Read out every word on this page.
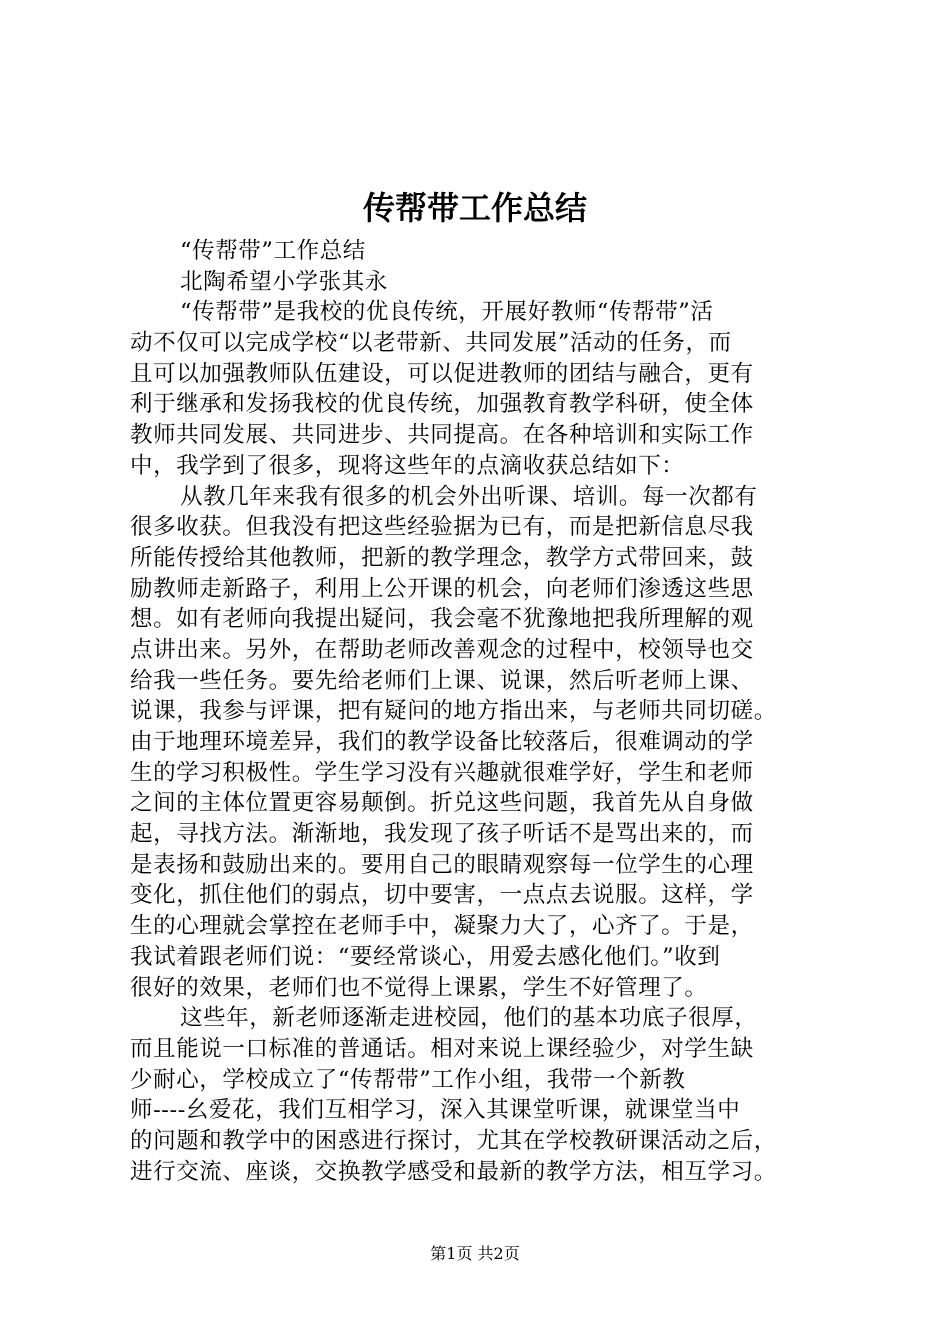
传帮带工作总结
“传帮带”工作总结
北陶希望小学张其永
“传帮带”是我校的优良传统，开展好教师“传帮带”活
动不仅可以完成学校“以老带新、共同发展”活动的任务，而
且可以加强教师队伍建设，可以促进教师的团结与融合，更有
利于继承和发扬我校的优良传统，加强教育教学科研，使全体
教师共同发展、共同进步、共同提高。在各种培训和实际工作
中，我学到了很多，现将这些年的点滴收获总结如下：
从教几年来我有很多的机会外出听课、培训。每一次都有
很多收获。但我没有把这些经验据为已有，而是把新信息尽我
所能传授给其他教师，把新的教学理念，教学方式带回来，鼓
励教师走新路子，利用上公开课的机会，向老师们渗透这些思
想。如有老师向我提出疑问，我会毫不犹豫地把我所理解的观
点讲出来。另外，在帮助老师改善观念的过程中，校领导也交
给我一些任务。要先给老师们上课、说课，然后听老师上课、
说课，我参与评课，把有疑问的地方指出来，与老师共同切磋。
由于地理环境差异，我们的教学设备比较落后，很难调动的学
生的学习积极性。学生学习没有兴趣就很难学好，学生和老师
之间的主体位置更容易颠倒。折兑这些问题，我首先从自身做
起，寻找方法。渐渐地，我发现了孩子听话不是骂出来的，而
是表扬和鼓励出来的。要用自己的眼睛观察每一位学生的心理
变化，抓住他们的弱点，切中要害，一点点去说服。这样，学
生的心理就会掌控在老师手中，凝聚力大了，心齐了。于是，
我试着跟老师们说：“要经常谈心，用爱去感化他们。”收到
很好的效果，老师们也不觉得上课累，学生不好管理了。
这些年，新老师逐渐走进校园，他们的基本功底子很厚，
而且能说一口标准的普通话。相对来说上课经验少，对学生缺
少耐心，学校成立了“传帮带”工作小组，我带一个新教
师----幺爱花，我们互相学习，深入其课堂听课，就课堂当中
的问题和教学中的困惑进行探讨，尤其在学校教研课活动之后，
进行交流、座谈，交换教学感受和最新的教学方法，相互学习。
第1页 共2页
